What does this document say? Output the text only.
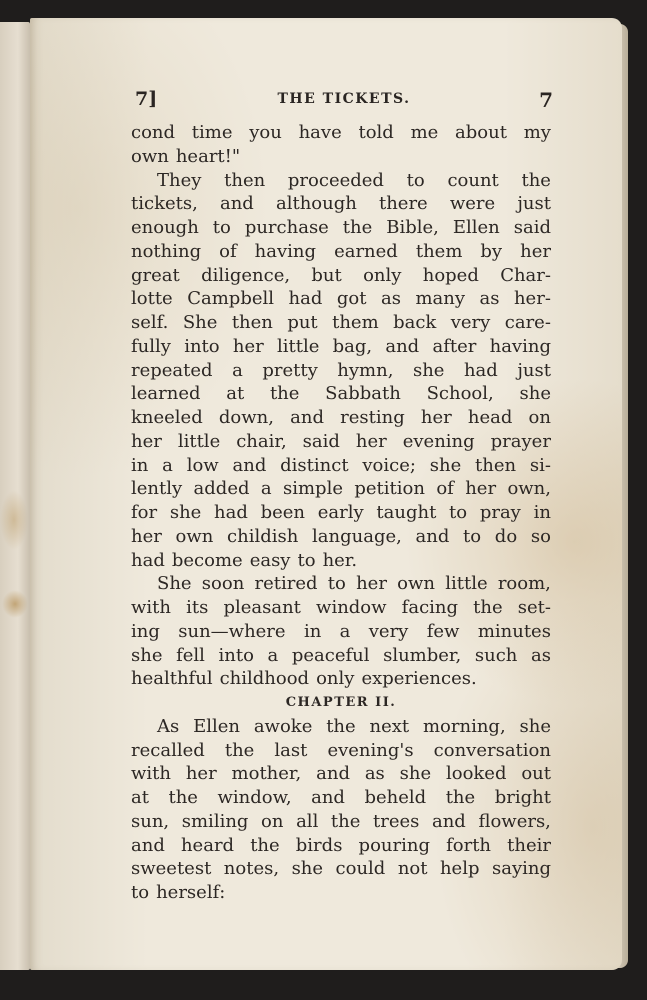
7]	THE TICKETS.	7
cond time you have told me about my
own heart!"
They then proceeded to count the
tickets, and although there were just
enough to purchase the Bible, Ellen said
nothing of having earned them by her
great diligence, but only hoped Char-
lotte Campbell had got as many as her-
self. She then put them back very care-
fully into her little bag, and after having
repeated a pretty hymn, she had just
learned at the Sabbath School, she
kneeled down, and resting her head on
her little chair, said her evening prayer
in a low and distinct voice; she then si-
lently added a simple petition of her own,
for she had been early taught to pray in
her own childish language, and to do so
had become easy to her.
She soon retired to her own little room,
with its pleasant window facing the set-
ing sun—where in a very few minutes
she fell into a peaceful slumber, such as
healthful childhood only experiences.
CHAPTER II.
As Ellen awoke the next morning, she
recalled the last evening's conversation
with her mother, and as she looked out
at the window, and beheld the bright
sun, smiling on all the trees and flowers,
and heard the birds pouring forth their
sweetest notes, she could not help saying
to herself:
